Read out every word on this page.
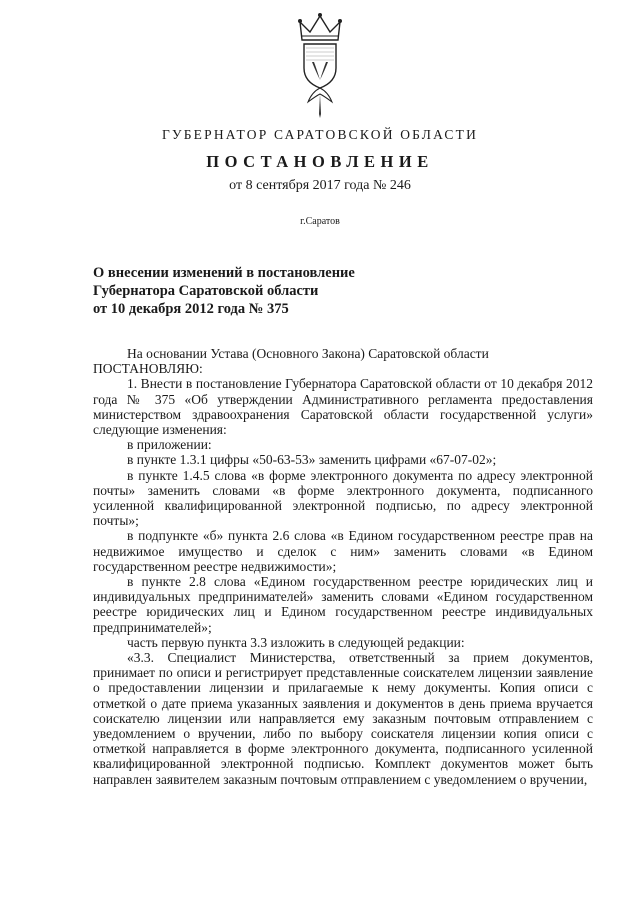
ГУБЕРНАТОР САРАТОВСКОЙ ОБЛАСТИ
ПОСТАНОВЛЕНИЕ
от 8 сентября 2017 года № 246
г.Саратов
О внесении изменений в постановление
Губернатора Саратовской области
от 10 декабря 2012 года № 375

На основании Устава (Основного Закона) Саратовской области

ПОСТАНОВЛЯЮ:

1. Внести в постановление Губернатора Саратовской области от 10 декабря 2012 года № 375 «Об утверждении Административного регламента предоставления министерством здравоохранения Саратовской области государственной услуги» следующие изменения:

в приложении:

в пункте 1.3.1 цифры «50-63-53» заменить цифрами «67-07-02»;

в пункте 1.4.5 слова «в форме электронного документа по адресу электронной почты» заменить словами «в форме электронного документа, подписанного усиленной квалифицированной электронной подписью, по адресу электронной почты»;

в подпункте «б» пункта 2.6 слова «в Едином государственном реестре прав на недвижимое имущество и сделок с ним» заменить словами «в Едином государственном реестре недвижимости»;

в пункте 2.8 слова «Едином государственном реестре юридических лиц и индивидуальных предпринимателей» заменить словами «Едином государственном реестре юридических лиц и Едином государственном реестре индивидуальных предпринимателей»;

часть первую пункта 3.3 изложить в следующей редакции:

«3.3. Специалист Министерства, ответственный за прием документов, принимает по описи и регистрирует представленные соискателем лицензии заявление о предоставлении лицензии и прилагаемые к нему документы. Копия описи с отметкой о дате приема указанных заявления и документов в день приема вручается соискателю лицензии или направляется ему заказным почтовым отправлением с уведомлением о вручении, либо по выбору соискателя лицензии копия описи с отметкой направляется в форме электронного документа, подписанного усиленной квалифицированной электронной подписью. Комплект документов может быть направлен заявителем заказным почтовым отправлением с уведомлением о вручении,
